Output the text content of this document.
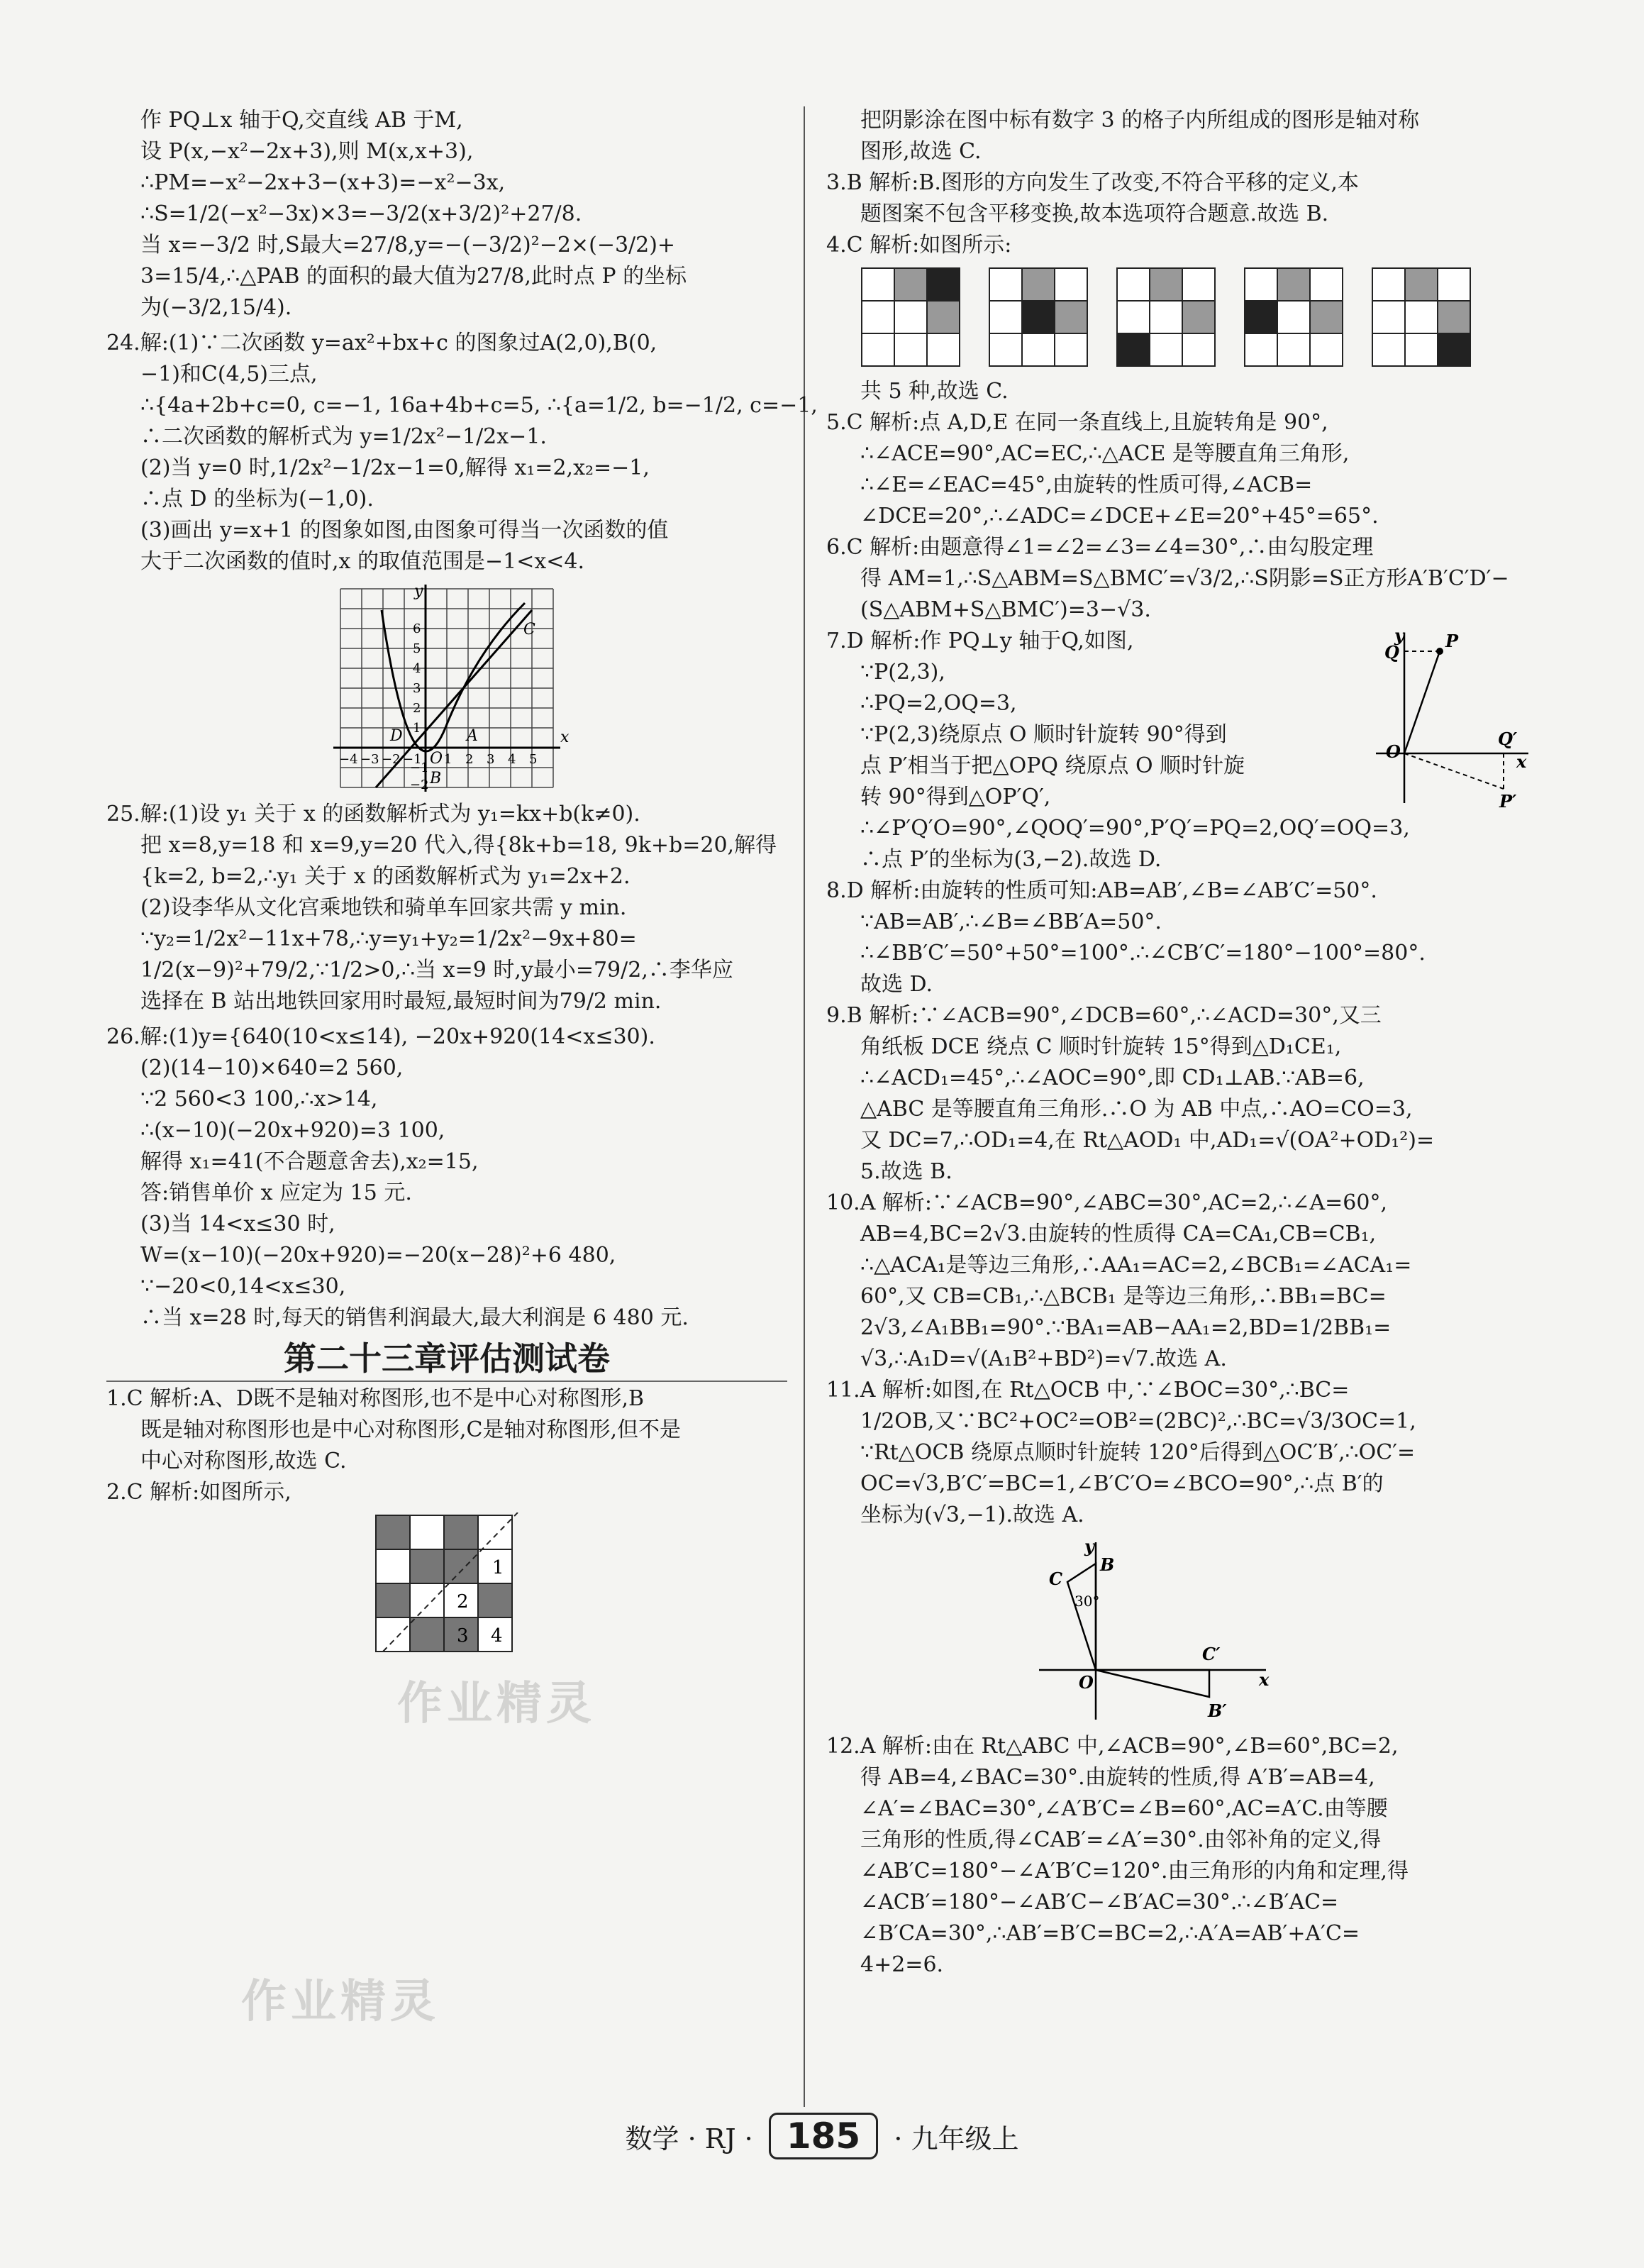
作 PQ⊥x 轴于Q,交直线 AB 于M,
设 P(x,−x²−2x+3),则 M(x,x+3),
∴PM=−x²−2x+3−(x+3)=−x²−3x,
∴S=1/2(−x²−3x)×3=−3/2(x+3/2)²+27/8.
当 x=−3/2 时,S最大=27/8,y=−(−3/2)²−2×(−3/2)+
3=15/4,∴△PAB 的面积的最大值为27/8,此时点 P 的坐标
为(−3/2,15/4).
24.解:(1)∵二次函数 y=ax²+bx+c 的图象过A(2,0),B(0,
−1)和C(4,5)三点,
∴{4a+2b+c=0, c=−1, 16a+4b+c=5, ∴{a=1/2, b=−1/2, c=−1,
∴二次函数的解析式为 y=1/2x²−1/2x−1.
(2)当 y=0 时,1/2x²−1/2x−1=0,解得 x₁=2,x₂=−1,
∴点 D 的坐标为(−1,0).
(3)画出 y=x+1 的图象如图,由图象可得当一次函数的值
大于二次函数的值时,x 的取值范围是−1<x<4.
x
y
D	A
C
O
B
−4 −3 −2 −1 1 2 3 4 5
6
5
4
3
2
1
−1
−2
25.解:(1)设 y₁ 关于 x 的函数解析式为 y₁=kx+b(k≠0).
把 x=8,y=18 和 x=9,y=20 代入,得{8k+b=18, 9k+b=20,解得
{k=2, b=2,∴y₁ 关于 x 的函数解析式为 y₁=2x+2.
(2)设李华从文化宫乘地铁和骑单车回家共需 y min.
∵y₂=1/2x²−11x+78,∴y=y₁+y₂=1/2x²−9x+80=
1/2(x−9)²+79/2,∵1/2>0,∴当 x=9 时,y最小=79/2,∴李华应
选择在 B 站出地铁回家用时最短,最短时间为79/2 min.
26.解:(1)y={640(10<x≤14), −20x+920(14<x≤30).
(2)(14−10)×640=2 560,
∵2 560<3 100,∴x>14,
∴(x−10)(−20x+920)=3 100,
解得 x₁=41(不合题意舍去),x₂=15,
答:销售单价 x 应定为 15 元.
(3)当 14<x≤30 时,
W=(x−10)(−20x+920)=−20(x−28)²+6 480,
∵−20<0,14<x≤30,
∴当 x=28 时,每天的销售利润最大,最大利润是 6 480 元.
第二十三章评估测试卷
1.C 解析:A、D既不是轴对称图形,也不是中心对称图形,B
既是轴对称图形也是中心对称图形,C是轴对称图形,但不是
中心对称图形,故选 C.
2.C 解析:如图所示,
1
2
3 4
把阴影涂在图中标有数字 3 的格子内所组成的图形是轴对称
图形,故选 C.
3.B 解析:B.图形的方向发生了改变,不符合平移的定义,本
题图案不包含平移变换,故本选项符合题意.故选 B.
4.C 解析:如图所示:
共 5 种,故选 C.
5.C 解析:点 A,D,E 在同一条直线上,且旋转角是 90°,
∴∠ACE=90°,AC=EC,∴△ACE 是等腰直角三角形,
∴∠E=∠EAC=45°,由旋转的性质可得,∠ACB=
∠DCE=20°,∴∠ADC=∠DCE+∠E=20°+45°=65°.
6.C 解析:由题意得∠1=∠2=∠3=∠4=30°,∴由勾股定理
得 AM=1,∴S△ABM=S△BMC′=√3/2,∴S阴影=S正方形A′B′C′D′−
(S△ABM+S△BMC′)=3−√3.
y P
Q
Q′
O	x
P′
7.D 解析:作 PQ⊥y 轴于Q,如图,
∵P(2,3),
∴PQ=2,OQ=3,
∵P(2,3)绕原点 O 顺时针旋转 90°得到
点 P′相当于把△OPQ 绕原点 O 顺时针旋
转 90°得到△OP′Q′,
∴∠P′Q′O=90°,∠QOQ′=90°,P′Q′=PQ=2,OQ′=OQ=3,
∴点 P′的坐标为(3,−2).故选 D.
8.D 解析:由旋转的性质可知:AB=AB′,∠B=∠AB′C′=50°.
∵AB=AB′,∴∠B=∠BB′A=50°.
∴∠BB′C′=50°+50°=100°.∴∠CB′C′=180°−100°=80°.
故选 D.
9.B 解析:∵∠ACB=90°,∠DCB=60°,∴∠ACD=30°,又三
角纸板 DCE 绕点 C 顺时针旋转 15°得到△D₁CE₁,
∴∠ACD₁=45°,∴∠AOC=90°,即 CD₁⊥AB.∵AB=6,
△ABC 是等腰直角三角形.∴O 为 AB 中点,∴AO=CO=3,
又 DC=7,∴OD₁=4,在 Rt△AOD₁ 中,AD₁=√(OA²+OD₁²)=
5.故选 B.
10.A 解析:∵∠ACB=90°,∠ABC=30°,AC=2,∴∠A=60°,
AB=4,BC=2√3.由旋转的性质得 CA=CA₁,CB=CB₁,
∴△ACA₁是等边三角形,∴AA₁=AC=2,∠BCB₁=∠ACA₁=
60°,又 CB=CB₁,∴△BCB₁ 是等边三角形,∴BB₁=BC=
2√3,∠A₁BB₁=90°.∵BA₁=AB−AA₁=2,BD=1/2BB₁=
√3,∴A₁D=√(A₁B²+BD²)=√7.故选 A.
11.A 解析:如图,在 Rt△OCB 中,∵∠BOC=30°,∴BC=
1/2OB,又∵BC²+OC²=OB²=(2BC)²,∴BC=√3/3OC=1,
∵Rt△OCB 绕原点顺时针旋转 120°后得到△OC′B′,∴OC′=
OC=√3,B′C′=BC=1,∠B′C′O=∠BCO=90°,∴点 B′的
坐标为(√3,−1).故选 A.
y
B
C
30°
C′
O	x
B′
12.A 解析:由在 Rt△ABC 中,∠ACB=90°,∠B=60°,BC=2,
得 AB=4,∠BAC=30°.由旋转的性质,得 A′B′=AB=4,
∠A′=∠BAC=30°,∠A′B′C=∠B=60°,AC=A′C.由等腰
三角形的性质,得∠CAB′=∠A′=30°.由邻补角的定义,得
∠AB′C=180°−∠A′B′C=120°.由三角形的内角和定理,得
∠ACB′=180°−∠AB′C−∠B′AC=30°.∴∠B′AC=
∠B′CA=30°,∴AB′=B′C=BC=2,∴A′A=AB′+A′C=
4+2=6.
作业精灵
作业精灵
数学 · RJ · 185 · 九年级上
